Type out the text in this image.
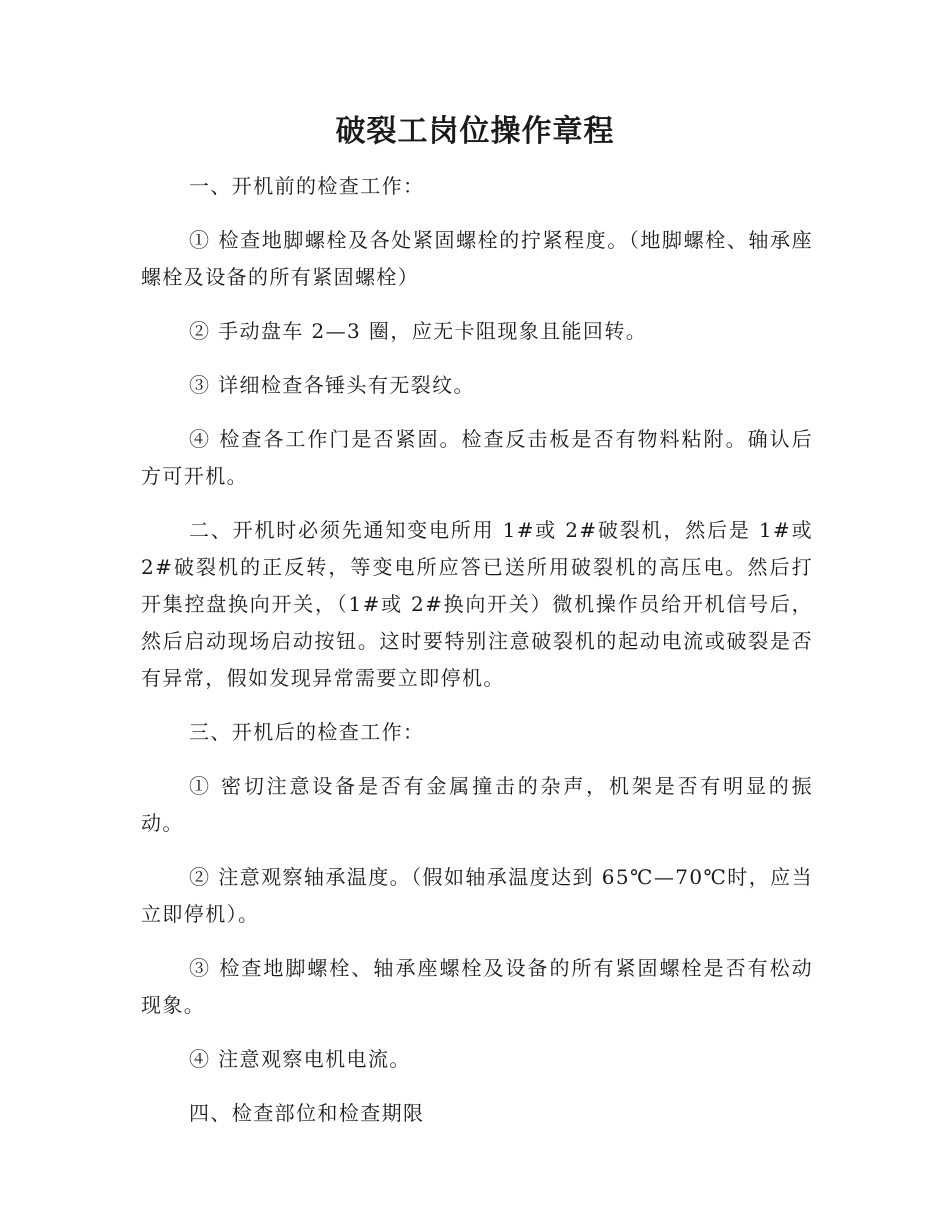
破裂工岗位操作章程

一、开机前的检查工作：

① 检查地脚螺栓及各处紧固螺栓的拧紧程度。（地脚螺栓、轴承座螺栓及设备的所有紧固螺栓）

② 手动盘车 2—3 圈，应无卡阻现象且能回转。

③ 详细检查各锤头有无裂纹。

④ 检查各工作门是否紧固。检查反击板是否有物料粘附。确认后方可开机。

二、开机时必须先通知变电所用 1#或 2#破裂机，然后是 1#或 2#破裂机的正反转，等变电所应答已送所用破裂机的高压电。然后打开集控盘换向开关，（1#或 2#换向开关）微机操作员给开机信号后，然后启动现场启动按钮。这时要特别注意破裂机的起动电流或破裂是否有异常，假如发现异常需要立即停机。

三、开机后的检查工作：

① 密切注意设备是否有金属撞击的杂声，机架是否有明显的振动。

② 注意观察轴承温度。（假如轴承温度达到 65℃—70℃时，应当立即停机）。

③ 检查地脚螺栓、轴承座螺栓及设备的所有紧固螺栓是否有松动现象。

④ 注意观察电机电流。

四、检查部位和检查期限
